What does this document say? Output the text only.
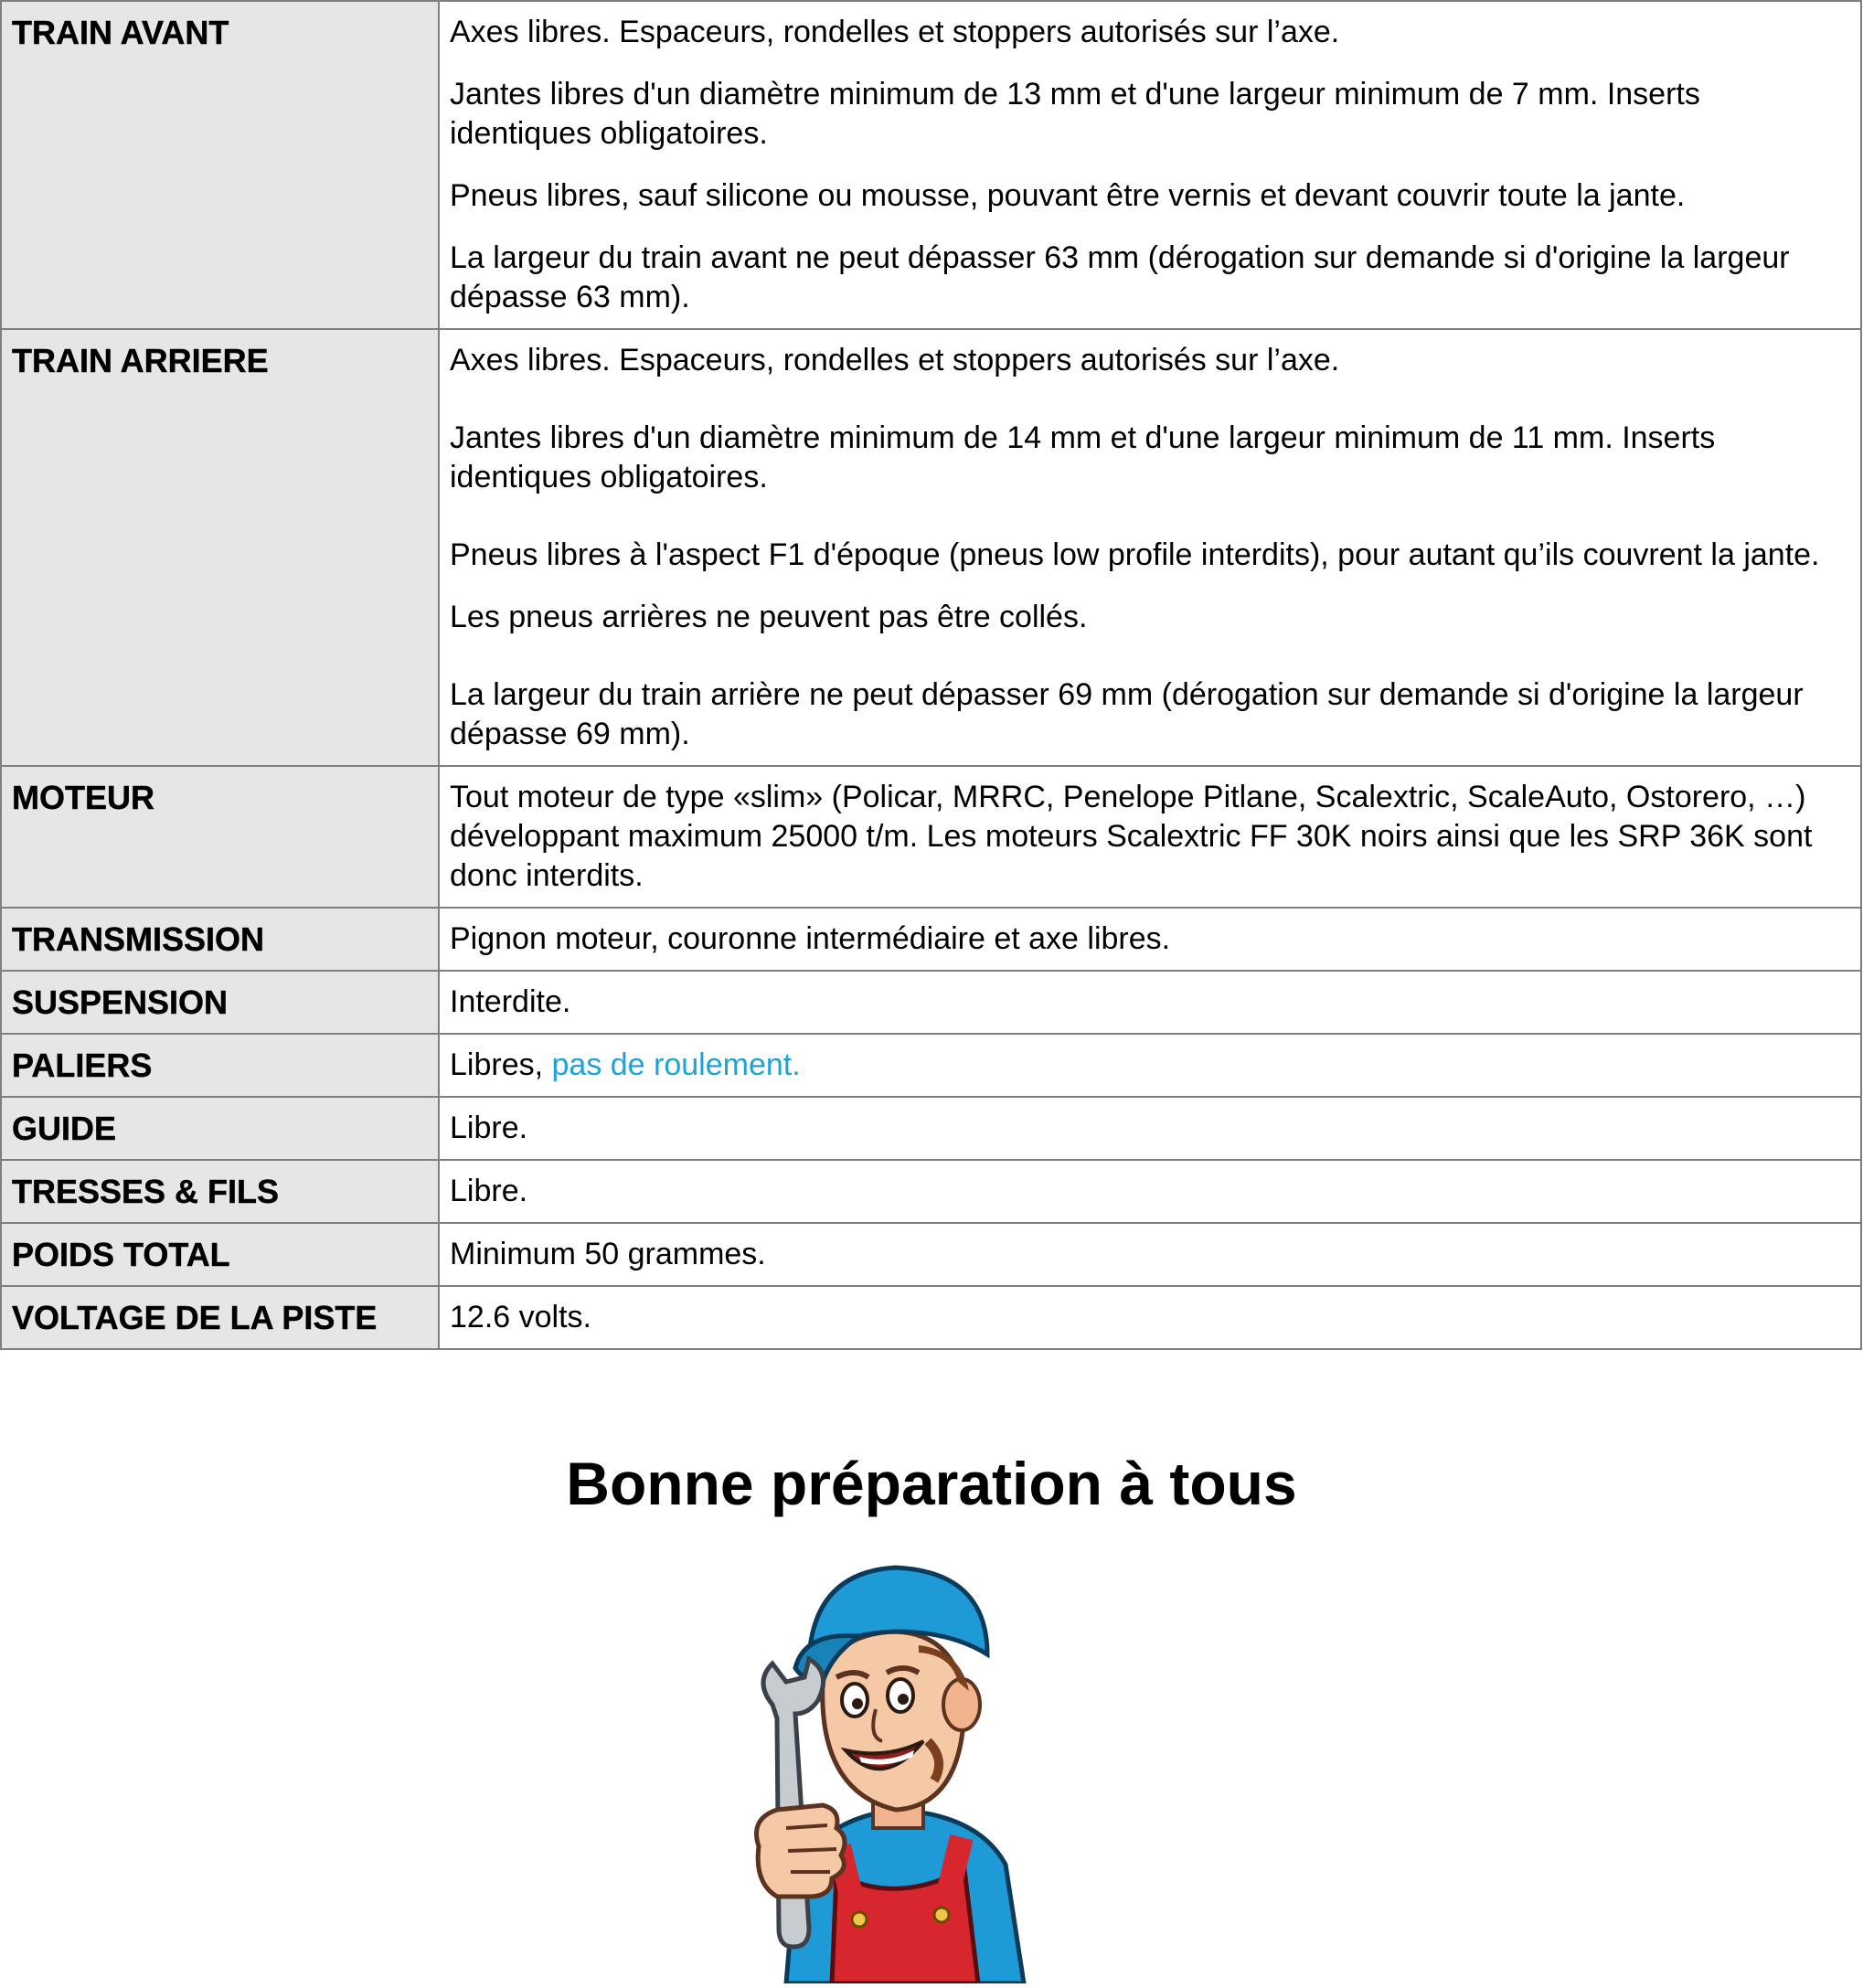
TRAIN AVANT	Axes libres. Espaceurs, rondelles et stoppers autorisés sur l’axe.

Jantes libres d'un diamètre minimum de 13 mm et d'une largeur minimum de 7 mm. Inserts identiques obligatoires.

Pneus libres, sauf silicone ou mousse, pouvant être vernis et devant couvrir toute la jante.

La largeur du train avant ne peut dépasser 63 mm (dérogation sur demande si d'origine la largeur dépasse 63 mm).

TRAIN ARRIERE	Axes libres. Espaceurs, rondelles et stoppers autorisés sur l’axe.

Jantes libres d'un diamètre minimum de 14 mm et d'une largeur minimum de 11 mm. Inserts identiques obligatoires.

Pneus libres à l'aspect F1 d'époque (pneus low profile interdits), pour autant qu’ils couvrent la jante.

Les pneus arrières ne peuvent pas être collés.

La largeur du train arrière ne peut dépasser 69 mm (dérogation sur demande si d'origine la largeur dépasse 69 mm).

MOTEUR	Tout moteur de type «slim» (Policar, MRRC, Penelope Pitlane, Scalextric, ScaleAuto, Ostorero, …) développant maximum 25000 t/m. Les moteurs Scalextric FF 30K noirs ainsi que les SRP 36K sont donc interdits.
TRANSMISSION	Pignon moteur, couronne intermédiaire et axe libres.
SUSPENSION	Interdite.
PALIERS	Libres, pas de roulement.
GUIDE	Libre.
TRESSES & FILS	Libre.
POIDS TOTAL	Minimum 50 grammes.
VOLTAGE DE LA PISTE	12.6 volts.
Bonne préparation à tous
